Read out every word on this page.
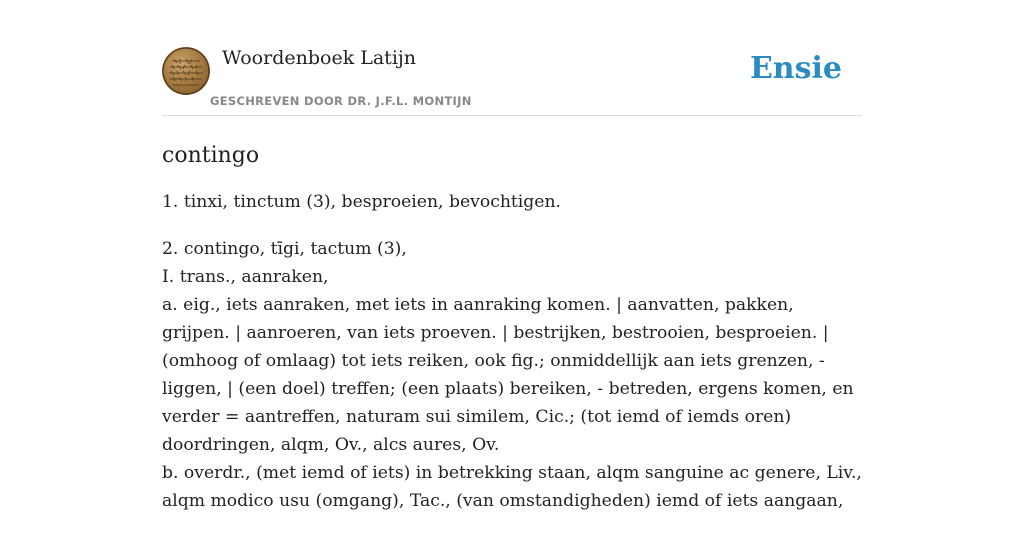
Woordenboek Latijn
GESCHREVEN DOOR DR. J.F.L. MONTIJN
Ensie
contingo

1. tinxi, tinctum (3), besproeien, bevochtigen.

2. contingo, tīgi, tactum (3),
I. trans., aanraken,
a. eig., iets aanraken, met iets in aanraking komen. | aanvatten, pakken, grijpen. | aanroeren, van iets proeven. | bestrijken, bestrooien, besproeien. | (omhoog of omlaag) tot iets reiken, ook fig.; onmiddellijk aan iets grenzen, - liggen, | (een doel) treffen; (een plaats) bereiken, - betreden, ergens komen, en verder = aantreffen, naturam sui similem, Cic.; (tot iemd of iemds oren) doordringen, alqm, Ov., alcs aures, Ov.
b. overdr., (met iemd of iets) in betrekking staan, alqm sanguine ac genere, Liv., alqm modico usu (omgang), Tac., (van omstandigheden) iemd of iets aangaan,
